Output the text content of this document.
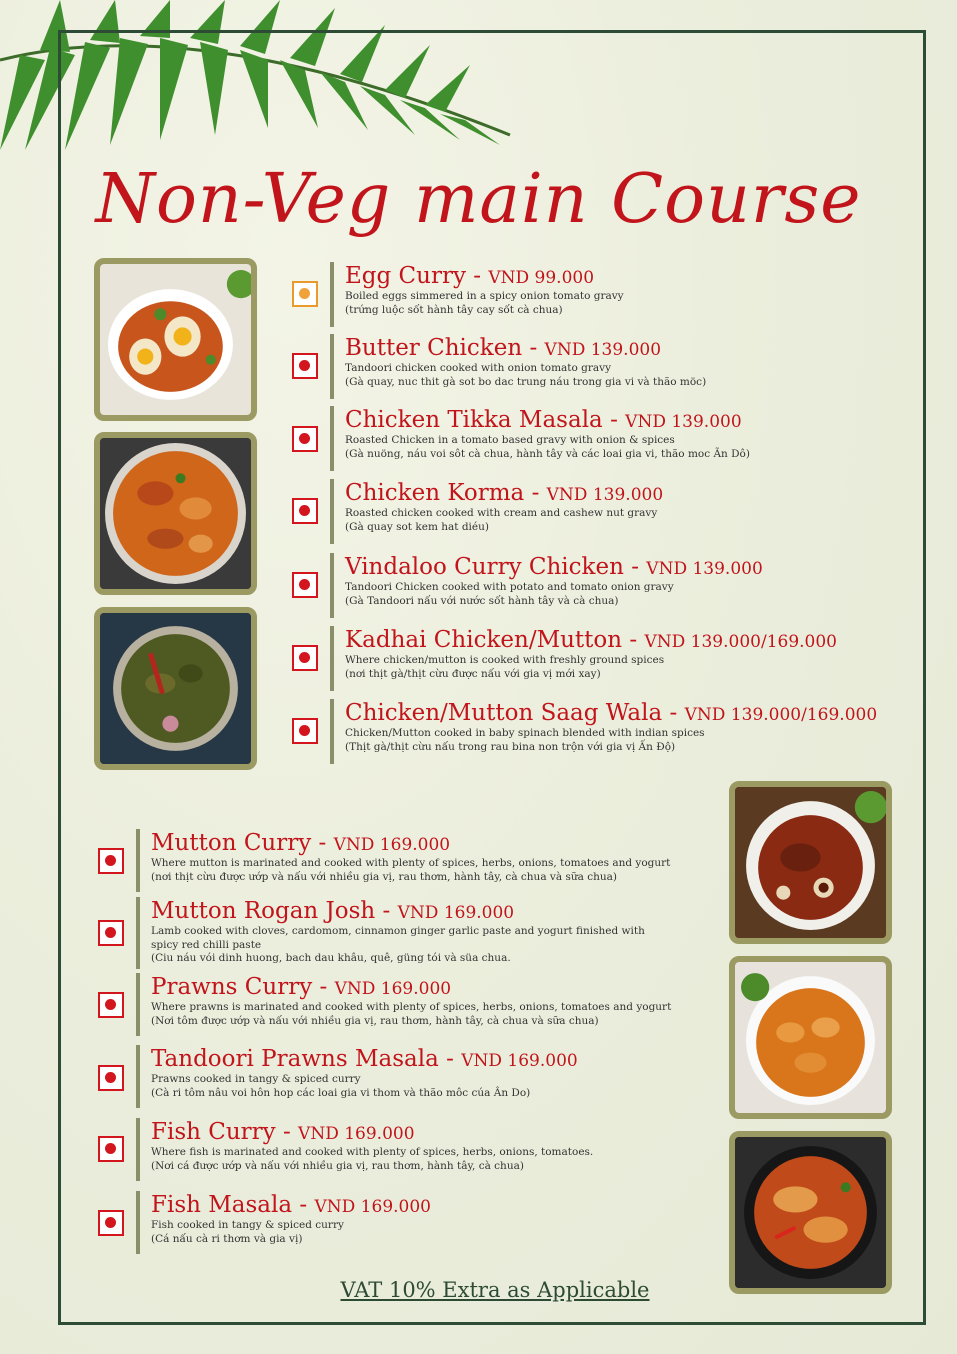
Non-Veg main Course
Egg Curry - VND 99.000
Boiled eggs simmered in a spicy onion tomato gravy
(trứng luộc sốt hành tây cay sốt cà chua)
Butter Chicken - VND 139.000
Tandoori chicken cooked with onion tomato gravy
(Gà quay, nuc thit gà sot bo dac trung náu trong gia vi và thão möc)
Chicken Tikka Masala - VND 139.000
Roasted Chicken in a tomato based gravy with onion & spices
(Gà nuöng, náu voi sôt cà chua, hành tây và các loai gia vi, thão moc Ãn Dô)
Chicken Korma - VND 139.000
Roasted chicken cooked with cream and cashew nut gravy
(Gà quay sot kem hat diéu)
Vindaloo Curry Chicken - VND 139.000
Tandoori Chicken cooked with potato and tomato onion gravy
(Gà Tandoori nấu với nước sốt hành tây và cà chua)
Kadhai Chicken/Mutton - VND 139.000/169.000
Where chicken/mutton is cooked with freshly ground spices
(nơi thịt gà/thịt cừu được nấu với gia vị mới xay)
Chicken/Mutton Saag Wala - VND 139.000/169.000
Chicken/Mutton cooked in baby spinach blended with indian spices
(Thịt gà/thịt cừu nấu trong rau bina non trộn với gia vị Ấn Độ)
Mutton Curry - VND 169.000
Where mutton is marinated and cooked with plenty of spices, herbs, onions, tomatoes and yogurt
(nơi thịt cừu được ướp và nấu với nhiều gia vị, rau thơm, hành tây, cà chua và sữa chua)
Mutton Rogan Josh - VND 169.000
Lamb cooked with cloves, cardomom, cinnamon ginger garlic paste and yogurt finished with
spicy red chilli paste
(Ciu náu vói dinh huong, bach dau khâu, quê, güng tói và süa chua.
Prawns Curry - VND 169.000
Where prawns is marinated and cooked with plenty of spices, herbs, onions, tomatoes and yogurt
(Nơi tôm được ướp và nấu với nhiều gia vị, rau thơm, hành tây, cà chua và sữa chua)
Tandoori Prawns Masala - VND 169.000
Prawns cooked in tangy & spiced curry
(Cà ri tôm nâu voi hôn hop các loai gia vi thom và thão môc cúa Ân Do)
Fish Curry - VND 169.000
Where fish is marinated and cooked with plenty of spices, herbs, onions, tomatoes.
(Nơi cá được ướp và nấu với nhiều gia vị, rau thơm, hành tây, cà chua)
Fish Masala - VND 169.000
Fish cooked in tangy & spiced curry
(Cá nấu cà ri thơm và gia vị)
VAT 10% Extra as Applicable
